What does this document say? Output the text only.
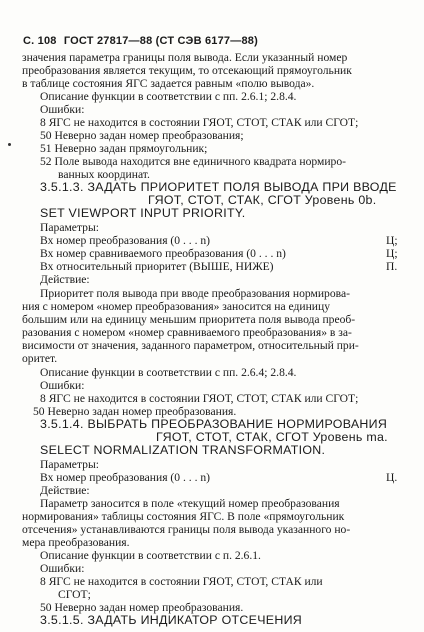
С. 108 ГОСТ 27817—88 (СТ СЭВ 6177—88)
значения параметра границы поля вывода. Если указанный номер
преобразования является текущим, то отсекающий прямоугольник
в таблице состояния ЯГС задается равным «полю вывода».
Описание функции в соответствии с пп. 2.6.1; 2.8.4.
Ошибки:
8 ЯГС не находится в состоянии ГЯОТ, СТОТ, СТАК или СГОТ;
50 Неверно задан номер преобразования;
51 Неверно задан прямоугольник;
52 Поле вывода находится вне единичного квадрата нормиро-
ванных координат.
3.5.1.3. ЗАДАТЬ ПРИОРИТЕТ ПОЛЯ ВЫВОДА ПРИ ВВОДЕ
ГЯОТ, СТОТ, СТАК, СГОТ Уровень 0b.
SET VIEWPORT INPUT PRIORITY.
Параметры:
Вх номер преобразования (0 . . . n)	Ц;
Вх номер сравниваемого преобразования (0 . . . n)	Ц;
Вх относительный приоритет (ВЫШЕ, НИЖЕ)	П.
Действие:
Приоритет поля вывода при вводе преобразования нормирова-
ния с номером «номер преобразования» заносится на единицу
большим или на единицу меньшим приоритета поля вывода преоб-
разования с номером «номер сравниваемого преобразования» в за-
висимости от значения, заданного параметром, относительный при-
оритет.
Описание функции в соответствии с пп. 2.6.4; 2.8.4.
Ошибки:
8 ЯГС не находится в состоянии ГЯОТ, СТОТ, СТАК или СГОТ;
50 Неверно задан номер преобразования.
3.5.1.4. ВЫБРАТЬ ПРЕОБРАЗОВАНИЕ НОРМИРОВАНИЯ
ГЯОТ, СТОТ, СТАК, СГОТ Уровень ma.
SELECT NORMALIZATION TRANSFORMATION.
Параметры:
Вх номер преобразования (0 . . . n)	Ц.
Действие:
Параметр заносится в поле «текущий номер преобразования
нормирования» таблицы состояния ЯГС. В поле «прямоугольник
отсечения» устанавливаются границы поля вывода указанного но-
мера преобразования.
Описание функции в соответствии с п. 2.6.1.
Ошибки:
8 ЯГС не находится в состоянии ГЯОТ, СТОТ, СТАК или
СГОТ;
50 Неверно задан номер преобразования.
3.5.1.5. ЗАДАТЬ ИНДИКАТОР ОТСЕЧЕНИЯ
